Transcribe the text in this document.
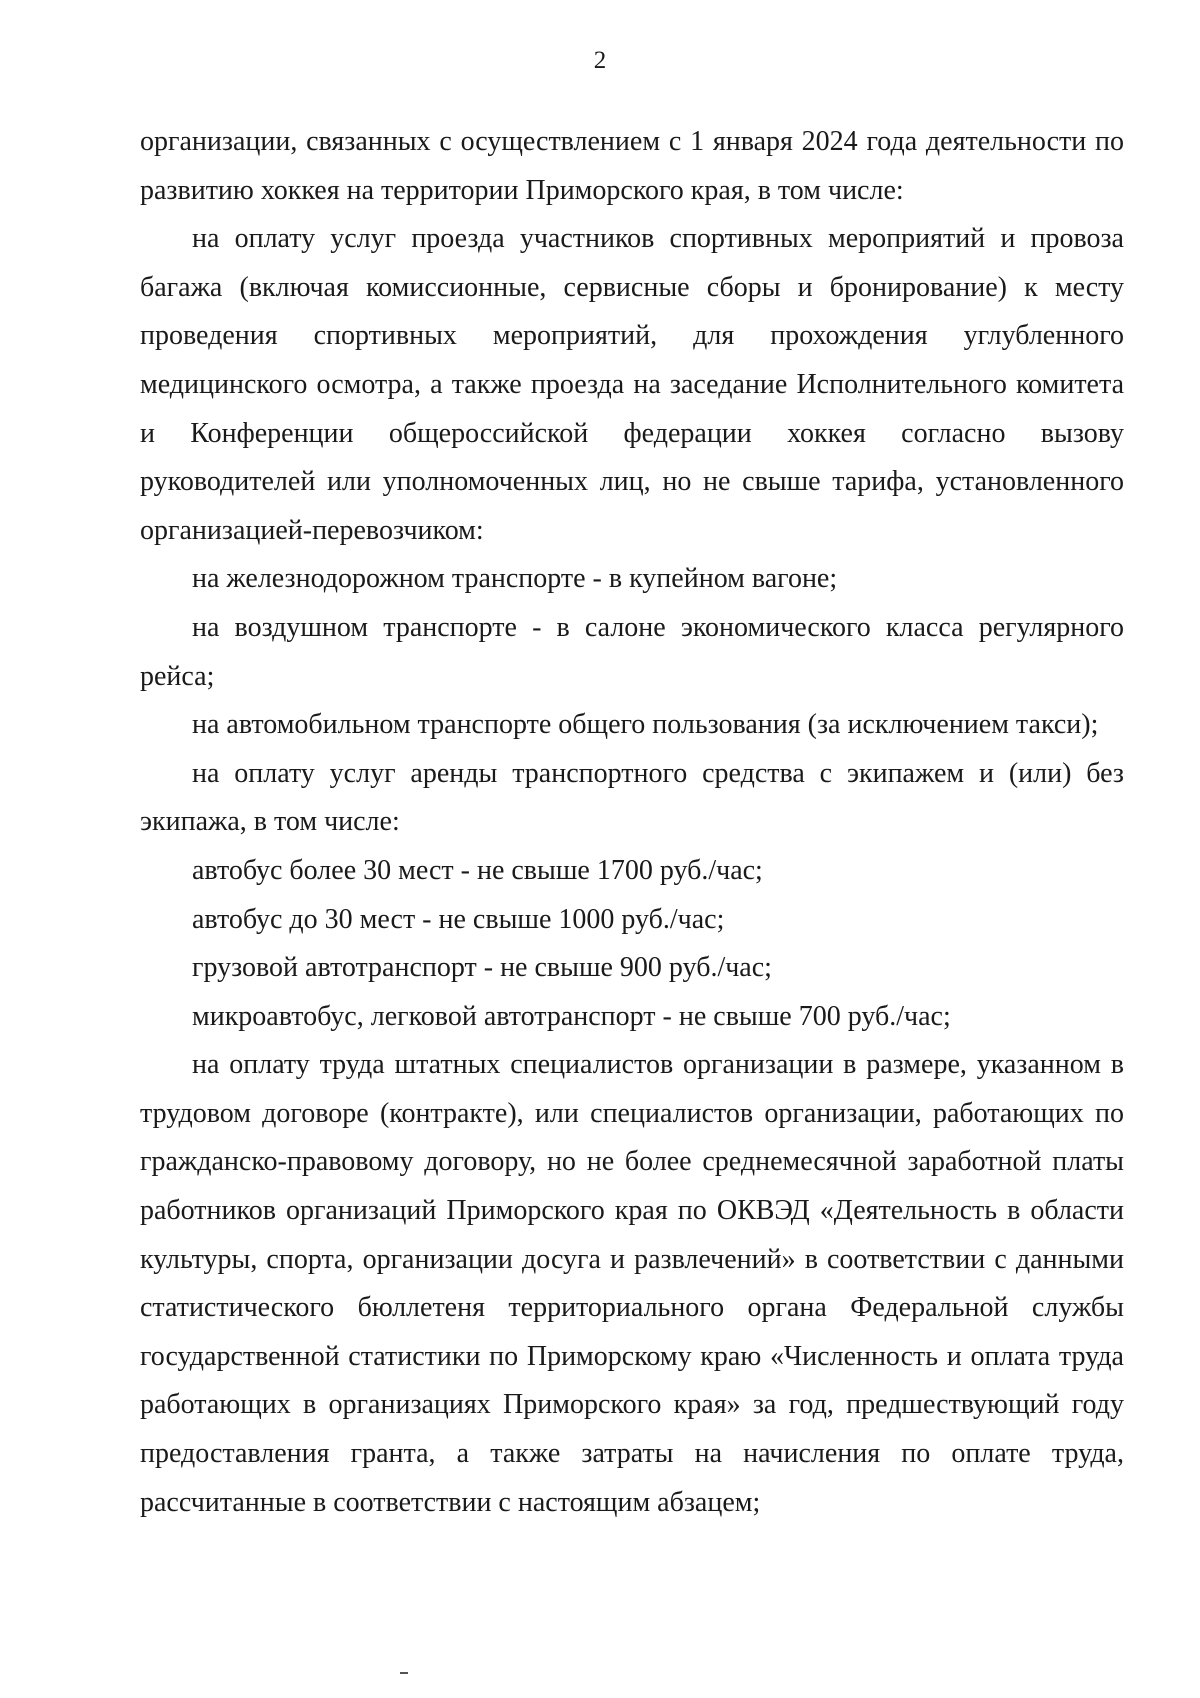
2

организации, связанных с осуществлением с 1 января 2024 года деятельности по развитию хоккея на территории Приморского края, в том числе:

на оплату услуг проезда участников спортивных мероприятий и провоза багажа (включая комиссионные, сервисные сборы и бронирование) к месту проведения спортивных мероприятий, для прохождения углубленного медицинского осмотра, а также проезда на заседание Исполнительного комитета и Конференции общероссийской федерации хоккея согласно вызову руководителей или уполномоченных лиц, но не свыше тарифа, установленного организацией-перевозчиком:

на железнодорожном транспорте - в купейном вагоне;

на воздушном транспорте - в салоне экономического класса регулярного рейса;

на автомобильном транспорте общего пользования (за исключением такси);

на оплату услуг аренды транспортного средства с экипажем и (или) без экипажа, в том числе:

автобус более 30 мест - не свыше 1700 руб./час;

автобус до 30 мест - не свыше 1000 руб./час;

грузовой автотранспорт - не свыше 900 руб./час;

микроавтобус, легковой автотранспорт - не свыше 700 руб./час;

на оплату труда штатных специалистов организации в размере, указанном в трудовом договоре (контракте), или специалистов организации, работающих по гражданско-правовому договору, но не более среднемесячной заработной платы работников организаций Приморского края по ОКВЭД «Деятельность в области культуры, спорта, организации досуга и развлечений» в соответствии с данными статистического бюллетеня территориального органа Федеральной службы государственной статистики по Приморскому краю «Численность и оплата труда работающих в организациях Приморского края» за год, предшествующий году предоставления гранта, а также затраты на начисления по оплате труда, рассчитанные в соответствии с настоящим абзацем;
